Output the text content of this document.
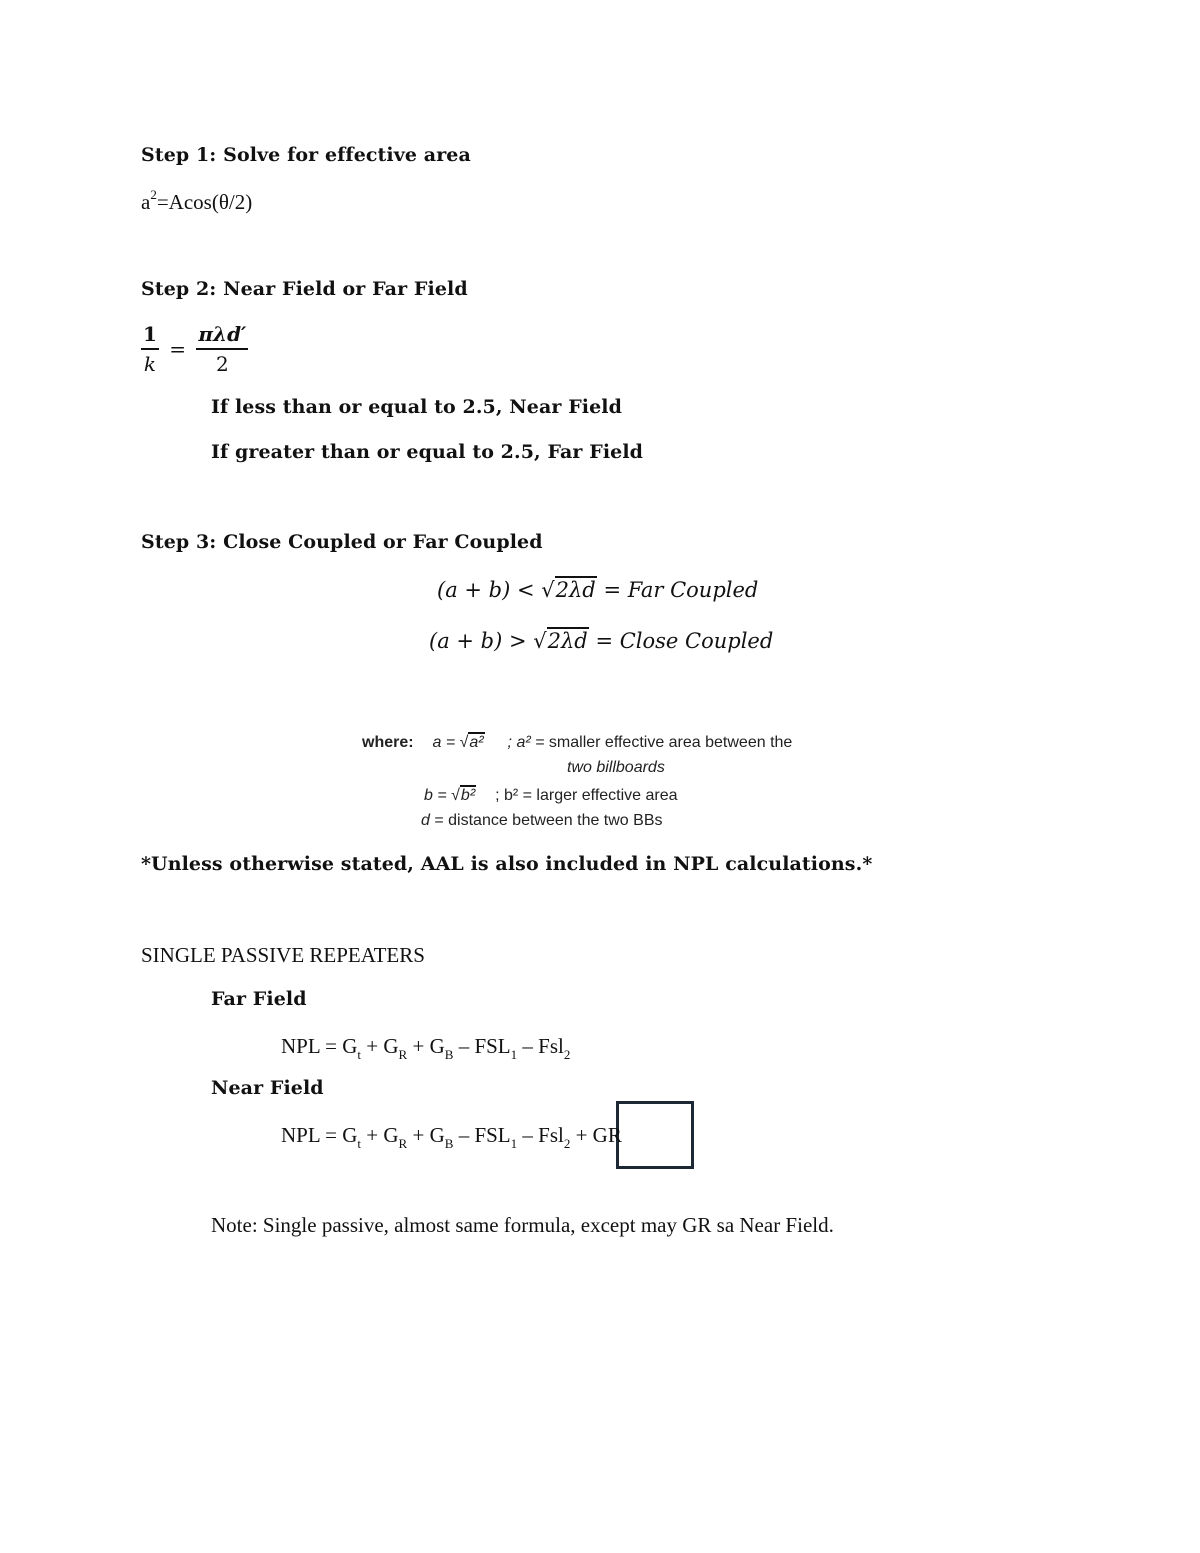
Step 1: Solve for effective area
$a^2=Acos(\theta/2)$
Step 2: Near Field or Far Field
$\frac{1}{k} = \frac{\text{πλd′}}{2}$
If less than or equal to 2.5, Near Field
If greater than or equal to 2.5, Far Field
Step 3: Close Coupled or Far Coupled
(a + b) < √2λd = Far Coupled
(a + b) > √2λd = Close Coupled
where: a = √a² ; a² = smaller effective area between the
two billboards
b = √b² ; b² = larger effective area
d = distance between the two BBs
*Unless otherwise stated, AAL is also included in NPL calculations.*
SINGLE PASSIVE REPEATERS
Far Field
NPL = $G_t + G_R + G_B - FSL_1 - Fsl_2$
Near Field
NPL = $G_t + G_R + G_B - FSL_1 - Fsl_2$ + GR
Note: Single passive, almost same formula, except may GR sa Near Field.
